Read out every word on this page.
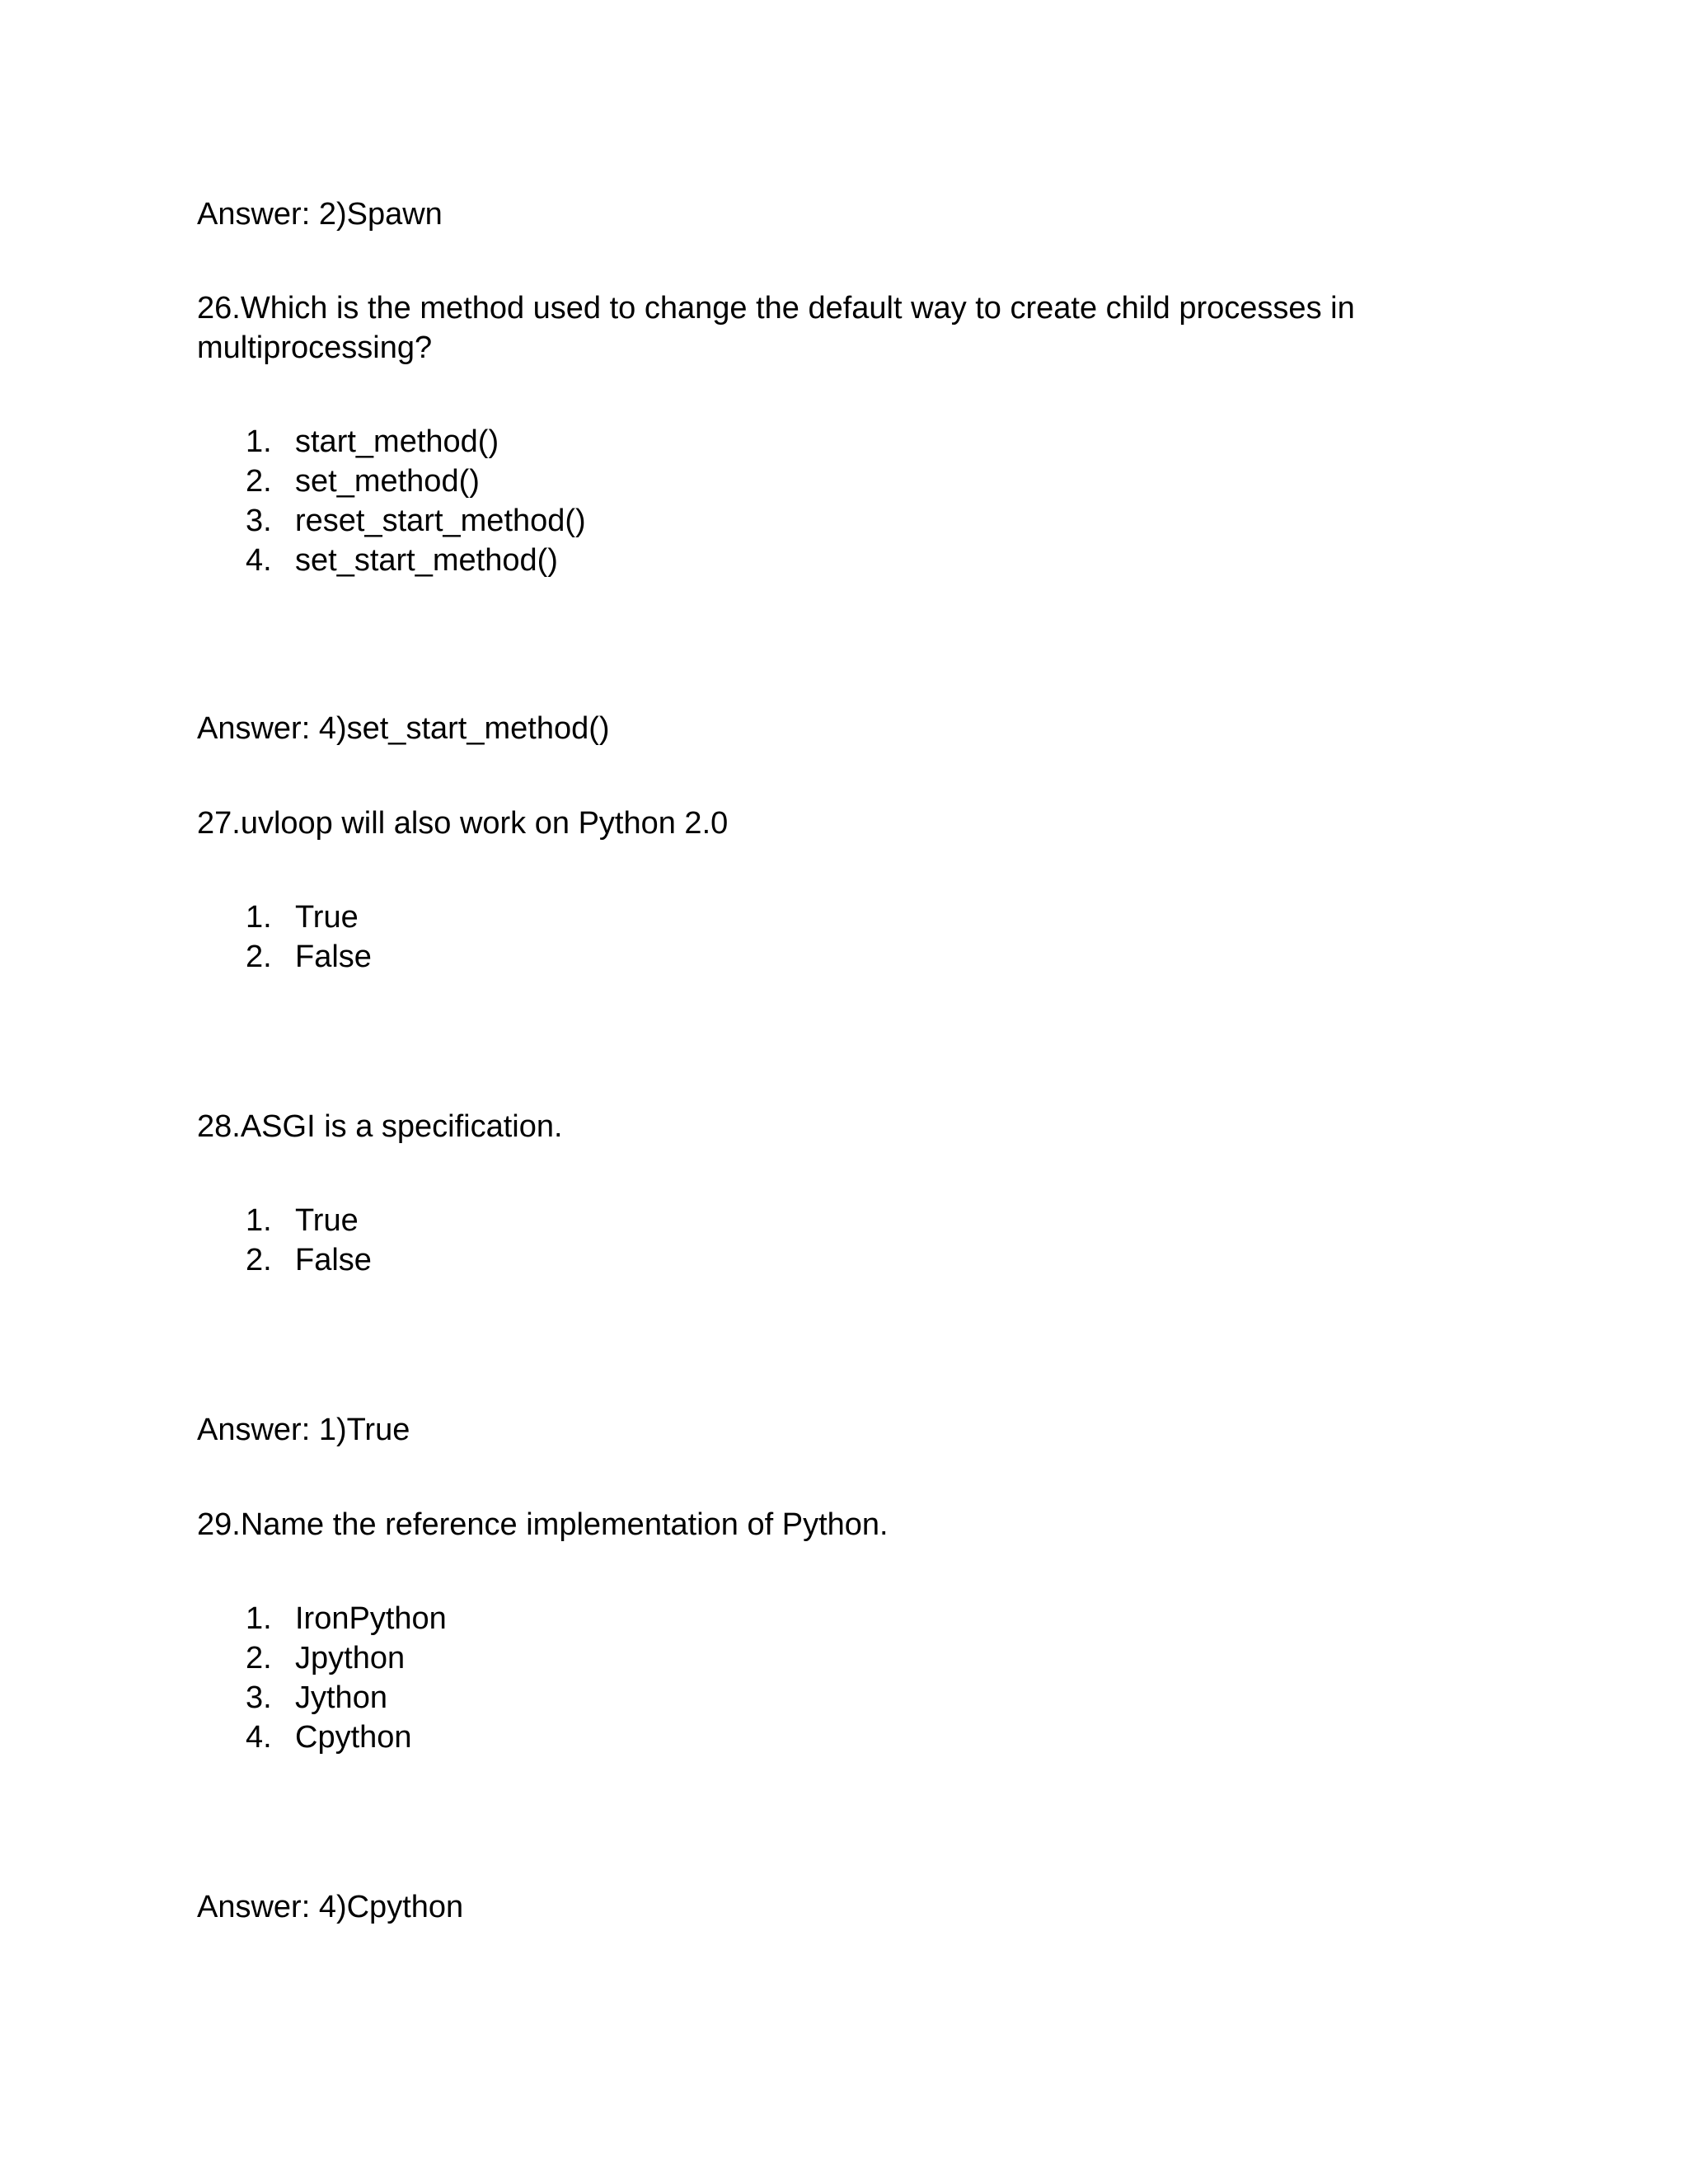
Answer: 2)Spawn
26.Which is the method used to change the default way to create child processes in multiprocessing?
1. start_method()
2. set_method()
3. reset_start_method()
4. set_start_method()
Answer: 4)set_start_method()
27.uvloop will also work on Python 2.0
1. True
2. False
28.ASGI is a specification.
1. True
2. False
Answer: 1)True
29.Name the reference implementation of Python.
1. IronPython
2. Jpython
3. Jython
4. Cpython
Answer: 4)Cpython
